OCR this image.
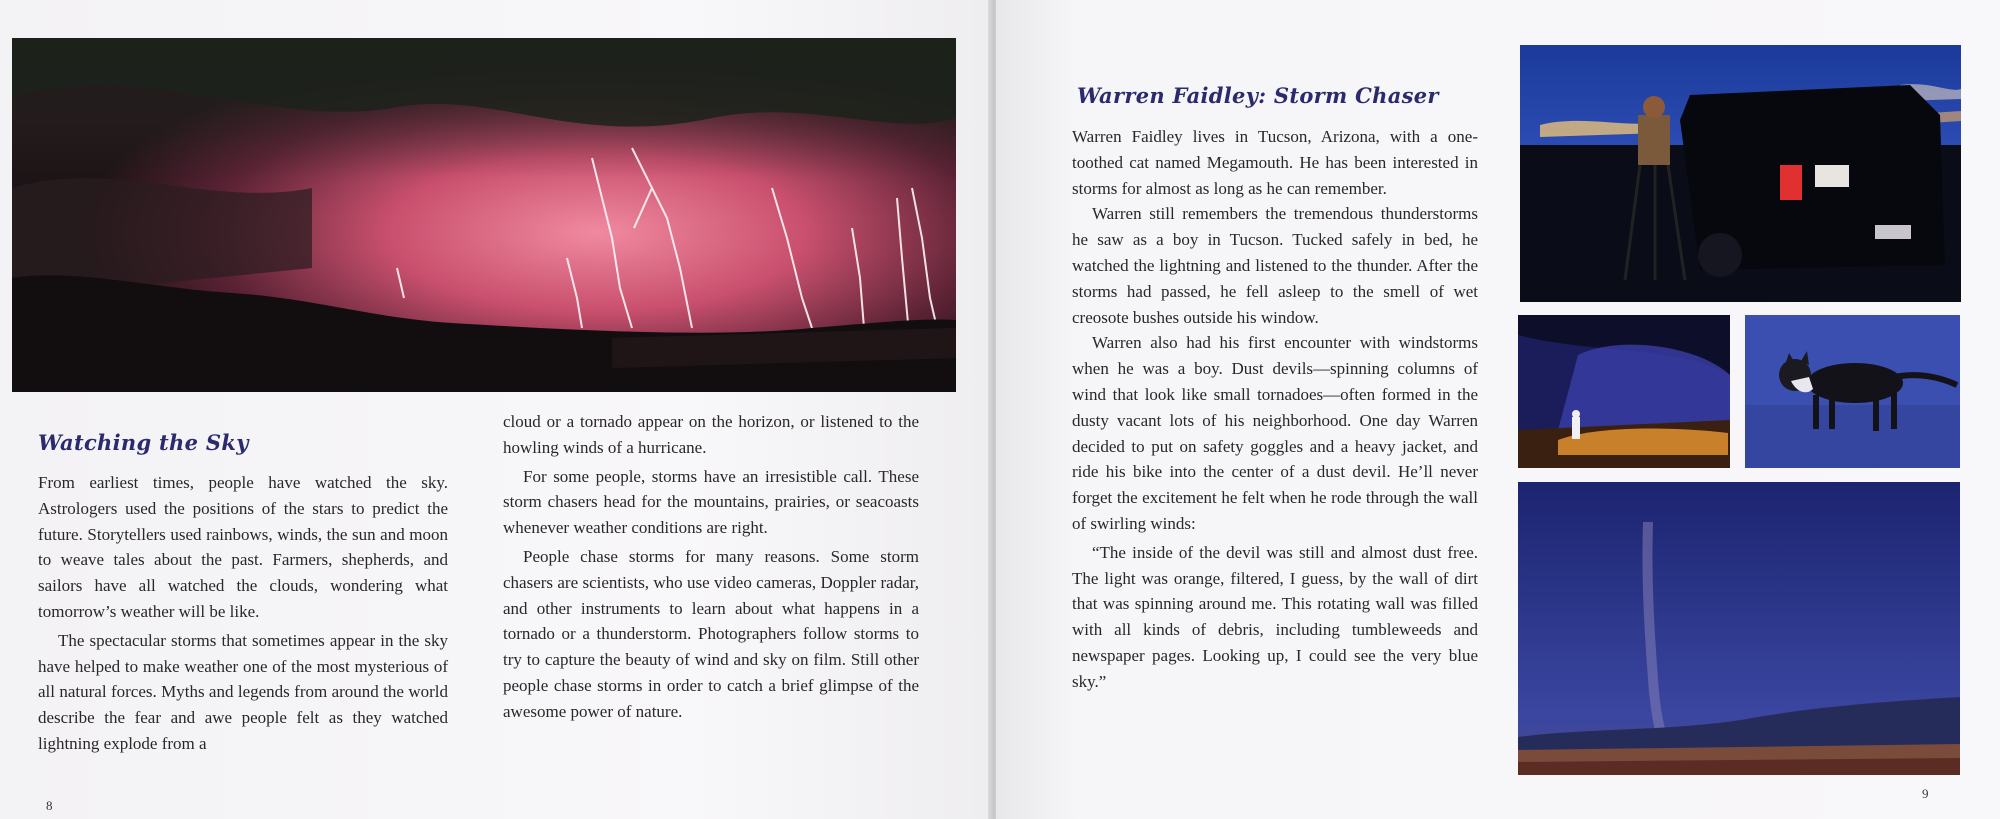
Watching the Sky

From earliest times, people have watched the sky. Astrologers used the positions of the stars to predict the future. Storytellers used rainbows, winds, the sun and moon to weave tales about the past. Farmers, shepherds, and sailors have all watched the clouds, wondering what tomorrow’s weather will be like.

The spectacular storms that sometimes appear in the sky have helped to make weather one of the most mysterious of all natural forces. Myths and legends from around the world describe the fear and awe people felt as they watched lightning explode from a

cloud or a tornado appear on the horizon, or listened to the howling winds of a hurricane.

For some people, storms have an irresistible call. These storm chasers head for the mountains, prairies, or seacoasts whenever weather conditions are right.

People chase storms for many reasons. Some storm chasers are scientists, who use video cameras, Doppler radar, and other instruments to learn about what happens in a tornado or a thunderstorm. Photographers follow storms to try to capture the beauty of wind and sky on film. Still other people chase storms in order to catch a brief glimpse of the awesome power of nature.

8
Warren Faidley: Storm Chaser

Warren Faidley lives in Tucson, Arizona, with a one-toothed cat named Megamouth. He has been interested in storms for almost as long as he can remember.

Warren still remembers the tremendous thunderstorms he saw as a boy in Tucson. Tucked safely in bed, he watched the lightning and listened to the thunder. After the storms had passed, he fell asleep to the smell of wet creosote bushes outside his window.

Warren also had his first encounter with windstorms when he was a boy. Dust devils—spinning columns of wind that look like small tornadoes—often formed in the dusty vacant lots of his neighborhood. One day Warren decided to put on safety goggles and a heavy jacket, and ride his bike into the center of a dust devil. He’ll never forget the excitement he felt when he rode through the wall of swirling winds:

“The inside of the devil was still and almost dust free. The light was orange, filtered, I guess, by the wall of dirt that was spinning around me. This rotating wall was filled with all kinds of debris, including tumbleweeds and newspaper pages. Looking up, I could see the very blue sky.”

9
